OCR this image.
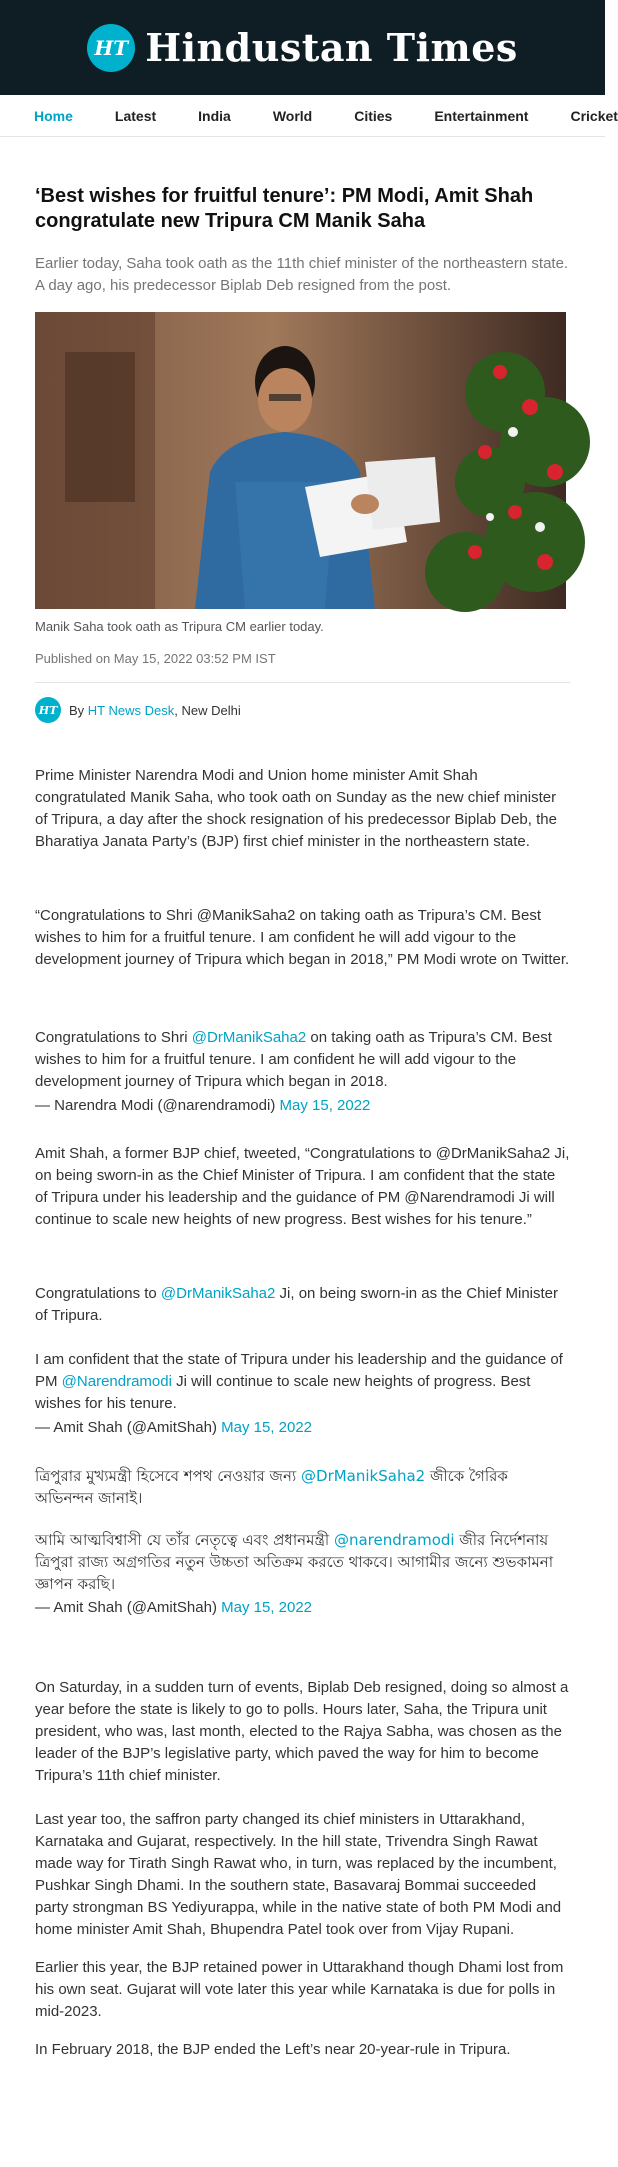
HT Hindustan Times
Home	Latest	India	World	Cities	Entertainment	Cricket
‘Best wishes for fruitful tenure’: PM Modi, Amit Shah congratulate new Tripura CM Manik Saha

Earlier today, Saha took oath as the 11th chief minister of the northeastern state. A day ago, his predecessor Biplab Deb resigned from the post.

Manik Saha took oath as Tripura CM earlier today.

Published on May 15, 2022 03:52 PM IST

HT By
HT News Desk , New Delhi

Prime Minister Narendra Modi and Union home minister Amit Shah congratulated Manik Saha, who took oath on Sunday as the new chief minister of Tripura, a day after the shock resignation of his predecessor Biplab Deb, the Bharatiya Janata Party’s (BJP) first chief minister in the northeastern state.

“Congratulations to Shri @ManikSaha2 on taking oath as Tripura’s CM. Best wishes to him for a fruitful tenure. I am confident he will add vigour to the development journey of Tripura which began in 2018,” PM Modi wrote on Twitter.

Congratulations to Shri @DrManikSaha2 on taking oath as Tripura’s CM. Best wishes to him for a fruitful tenure. I am confident he will add vigour to the development journey of Tripura which began in 2018.

— Narendra Modi (@narendramodi) May 15, 2022

Amit Shah, a former BJP chief, tweeted, “Congratulations to @DrManikSaha2 Ji, on being sworn-in as the Chief Minister of Tripura. I am confident that the state of Tripura under his leadership and the guidance of PM @Narendramodi Ji will continue to scale new heights of new progress. Best wishes for his tenure.”

Congratulations to @DrManikSaha2 Ji, on being sworn-in as the Chief Minister of Tripura.

I am confident that the state of Tripura under his leadership and the guidance of PM @Narendramodi Ji will continue to scale new heights of progress. Best wishes for his tenure.

— Amit Shah (@AmitShah) May 15, 2022

ত্রিপুরার মুখ্যমন্ত্রী হিসেবে শপথ নেওয়ার জন্য @DrManikSaha2 জীকে গৈরিক অভিনন্দন জানাই।

আমি আত্মবিশ্বাসী যে তাঁর নেতৃত্বে এবং প্রধানমন্ত্রী @narendramodi জীর নির্দেশনায় ত্রিপুরা রাজ্য অগ্রগতির নতুন উচ্চতা অতিক্রম করতে থাকবে। আগামীর জন্যে শুভকামনা জ্ঞাপন করছি।

— Amit Shah (@AmitShah) May 15, 2022

On Saturday, in a sudden turn of events, Biplab Deb resigned, doing so almost a year before the state is likely to go to polls. Hours later, Saha, the Tripura unit president, who was, last month, elected to the Rajya Sabha, was chosen as the leader of the BJP’s legislative party, which paved the way for him to become Tripura’s 11th chief minister.

Last year too, the saffron party changed its chief ministers in Uttarakhand, Karnataka and Gujarat, respectively. In the hill state, Trivendra Singh Rawat made way for Tirath Singh Rawat who, in turn, was replaced by the incumbent, Pushkar Singh Dhami. In the southern state, Basavaraj Bommai succeeded party strongman BS Yediyurappa, while in the native state of both PM Modi and home minister Amit Shah, Bhupendra Patel took over from Vijay Rupani.

Earlier this year, the BJP retained power in Uttarakhand though Dhami lost from his own seat. Gujarat will vote later this year while Karnataka is due for polls in mid-2023.

In February 2018, the BJP ended the Left’s near 20-year-rule in Tripura.
